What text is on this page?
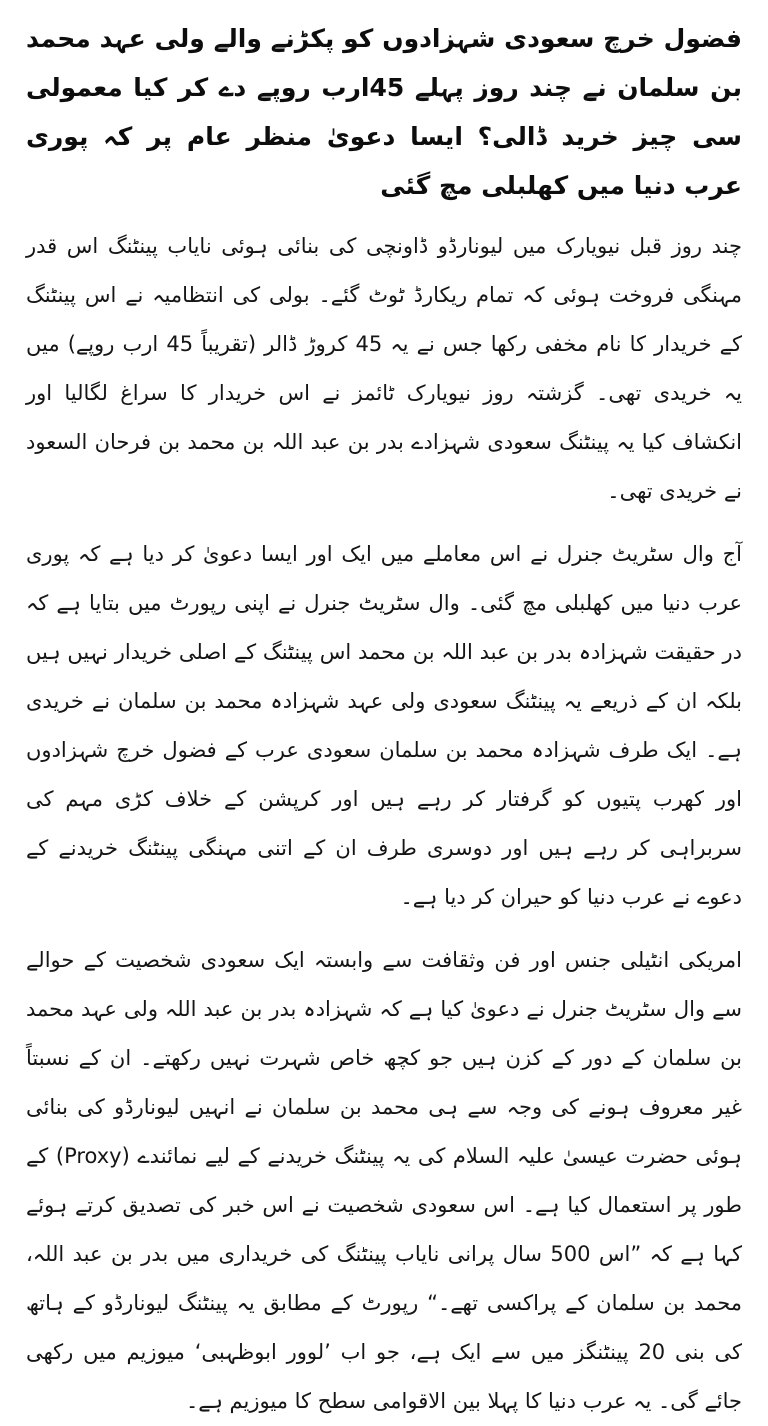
فضول خرچ سعودی شہزادوں کو پکڑنے والے ولی عہد محمد بن سلمان نے چند روز پہلے 45ارب روپے دے کر کیا معمولی سی چیز خرید ڈالی؟ ایسا دعویٰ منظر عام پر کہ پوری عرب دنیا میں کھلبلی مچ گئی

چند روز قبل نیویارک میں لیونارڈو ڈاونچی کی بنائی ہوئی نایاب پینٹنگ اس قدر مہنگی فروخت ہوئی کہ تمام ریکارڈ ٹوٹ گئے۔ بولی کی انتظامیہ نے اس پینٹنگ کے خریدار کا نام مخفی رکھا جس نے یہ 45 کروڑ ڈالر (تقریباً 45 ارب روپے) میں یہ خریدی تھی۔ گزشتہ روز نیویارک ٹائمز نے اس خریدار کا سراغ لگالیا اور انکشاف کیا یہ پینٹنگ سعودی شہزادے بدر بن عبد اللہ بن محمد بن فرحان السعود نے خریدی تھی۔

آج وال سٹریٹ جنرل نے اس معاملے میں ایک اور ایسا دعویٰ کر دیا ہے کہ پوری عرب دنیا میں کھلبلی مچ گئی۔ وال سٹریٹ جنرل نے اپنی رپورٹ میں بتایا ہے کہ در حقیقت شہزادہ بدر بن عبد اللہ بن محمد اس پینٹنگ کے اصلی خریدار نہیں ہیں بلکہ ان کے ذریعے یہ پینٹنگ سعودی ولی عہد شہزادہ محمد بن سلمان نے خریدی ہے۔ ایک طرف شہزادہ محمد بن سلمان سعودی عرب کے فضول خرچ شہزادوں اور کھرب پتیوں کو گرفتار کر رہے ہیں اور کرپشن کے خلاف کڑی مہم کی سربراہی کر رہے ہیں اور دوسری طرف ان کے اتنی مہنگی پینٹنگ خریدنے کے دعوے نے عرب دنیا کو حیران کر دیا ہے۔

امریکی انٹیلی جنس اور فن وثقافت سے وابستہ ایک سعودی شخصیت کے حوالے سے وال سٹریٹ جنرل نے دعویٰ کیا ہے کہ شہزادہ بدر بن عبد اللہ ولی عہد محمد بن سلمان کے دور کے کزن ہیں جو کچھ خاص شہرت نہیں رکھتے۔ ان کے نسبتاً غیر معروف ہونے کی وجہ سے ہی محمد بن سلمان نے انہیں لیونارڈو کی بنائی ہوئی حضرت عیسیٰ علیہ السلام کی یہ پینٹنگ خریدنے کے لیے نمائندے (Proxy) کے طور پر استعمال کیا ہے۔ اس سعودی شخصیت نے اس خبر کی تصدیق کرتے ہوئے کہا ہے کہ ”اس 500 سال پرانی نایاب پینٹنگ کی خریداری میں بدر بن عبد اللہ، محمد بن سلمان کے پراکسی تھے۔“ رپورٹ کے مطابق یہ پینٹنگ لیونارڈو کے ہاتھ کی بنی 20 پینٹنگز میں سے ایک ہے، جو اب ’لوور ابوظہبی‘ میوزیم میں رکھی جائے گی۔ یہ عرب دنیا کا پہلا بین الاقوامی سطح کا میوزیم ہے۔
